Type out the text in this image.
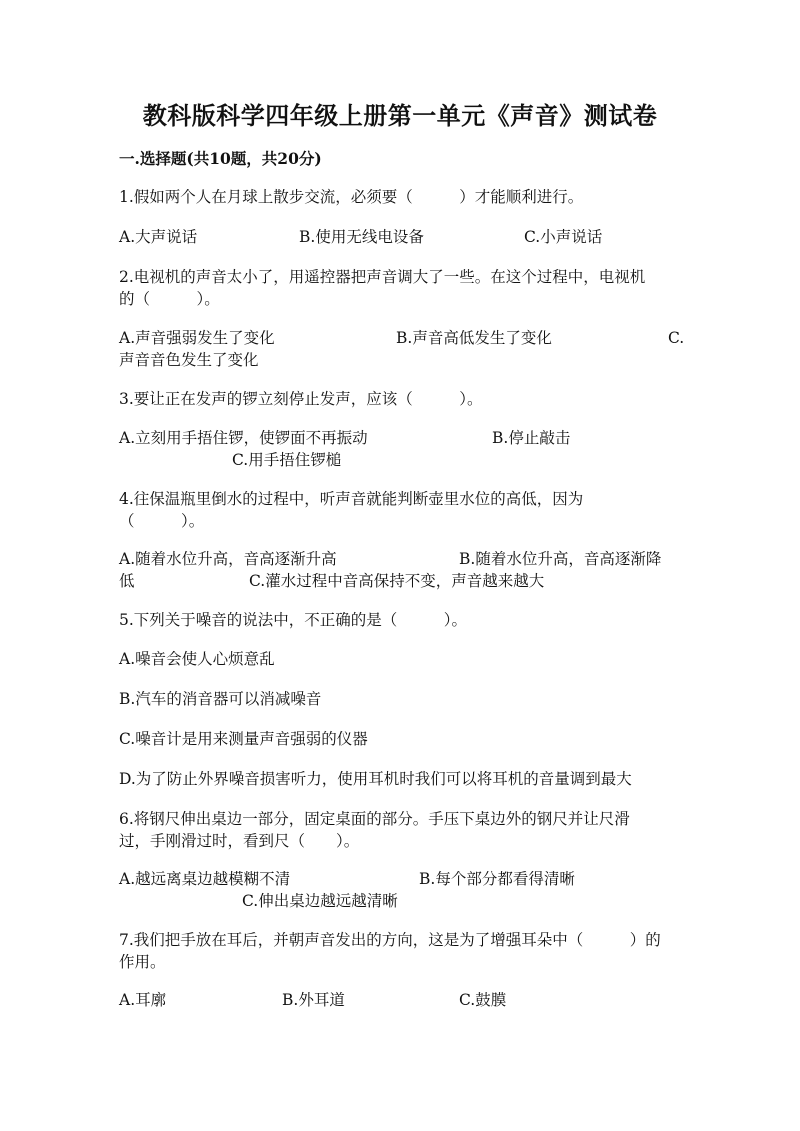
教科版科学四年级上册第一单元《声音》测试卷
一.选择题(共10题，共20分)
1.假如两个人在月球上散步交流，必须要（　　　）才能顺利进行。
A.大声说话	B.使用无线电设备	C.小声说话
2.电视机的声音太小了，用遥控器把声音调大了一些。在这个过程中，电视机
的（　　　）。
A.声音强弱发生了变化	B.声音高低发生了变化	C.
声音音色发生了变化
3.要让正在发声的锣立刻停止发声，应该（　　　）。
A.立刻用手捂住锣，使锣面不再振动	B.停止敲击
C.用手捂住锣槌
4.往保温瓶里倒水的过程中，听声音就能判断壶里水位的高低，因为
（　　　）。
A.随着水位升高，音高逐渐升高	B.随着水位升高，音高逐渐降
低	C.灌水过程中音高保持不变，声音越来越大
5.下列关于噪音的说法中，不正确的是（　　　）。
A.噪音会使人心烦意乱
B.汽车的消音器可以消减噪音
C.噪音计是用来测量声音强弱的仪器
D.为了防止外界噪音损害听力，使用耳机时我们可以将耳机的音量调到最大
6.将钢尺伸出桌边一部分，固定桌面的部分。手压下桌边外的钢尺并让尺滑
过，手刚滑过时，看到尺（　　）。
A.越远离桌边越模糊不清	B.每个部分都看得清晰
C.伸出桌边越远越清晰
7.我们把手放在耳后，并朝声音发出的方向，这是为了增强耳朵中（　　　）的
作用。
A.耳廓	B.外耳道	C.鼓膜
